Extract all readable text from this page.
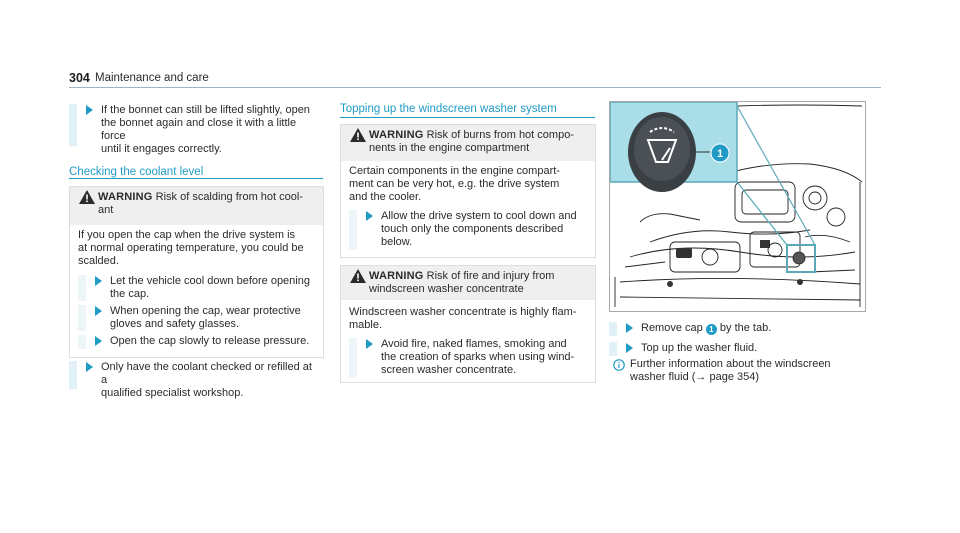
304 Maintenance and care
If the bonnet can still be lifted slightly, open
the bonnet again and close it with a little force
until it engages correctly.
Checking the coolant level
WARNING Risk of scalding from hot cool-
ant
If you open the cap when the drive system is
at normal operating temperature, you could be
scalded.
Let the vehicle cool down before opening
the cap.
When opening the cap, wear protective
gloves and safety glasses.
Open the cap slowly to release pressure.
Only have the coolant checked or refilled at a
qualified specialist workshop.
Topping up the windscreen washer system
WARNING Risk of burns from hot compo-
nents in the engine compartment
Certain components in the engine compart-
ment can be very hot, e.g. the drive system
and the cooler.
Allow the drive system to cool down and
touch only the components described
below.
WARNING Risk of fire and injury from
windscreen washer concentrate
Windscreen washer concentrate is highly flam-
mable.
Avoid fire, naked flames, smoking and
the creation of sparks when using wind-
screen washer concentrate.
1
Remove cap 1 by the tab.
Top up the washer fluid.
Further information about the windscreen
washer fluid (→ page 354)
